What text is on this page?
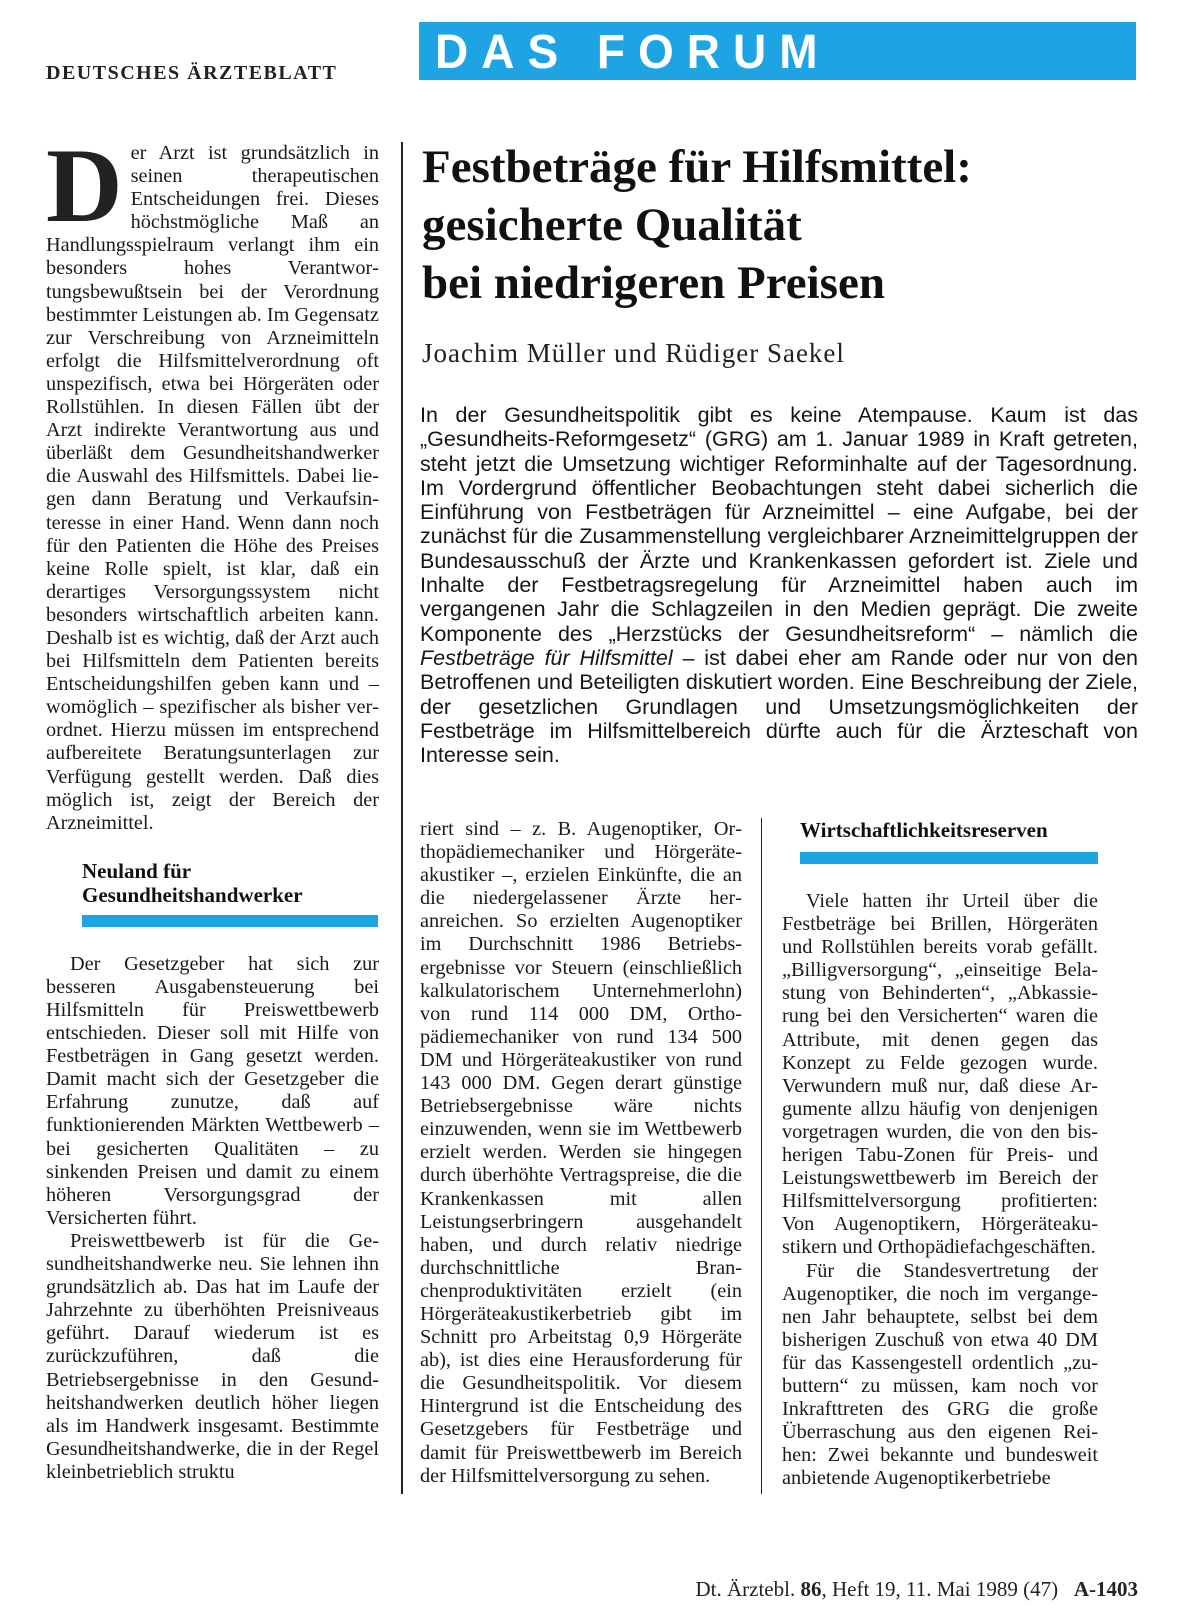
DEUTSCHES ÄRZTEBLATT DAS FORUM
Festbeträge für Hilfsmittel:
gesicherte Qualität
bei niedrigeren Preisen
Joachim Müller und Rüdiger Saekel
In der Gesundheitspolitik gibt es keine Atempause. Kaum ist das „Gesundheits-Reformgesetz“ (GRG) am 1. Januar 1989 in Kraft getreten, steht jetzt die Umsetzung wichtiger Reforminhalte auf der Tagesordnung. Im Vordergrund öffentlicher Beobachtungen steht dabei sicherlich die Einführung von Festbeträgen für Arzneimittel – eine Aufgabe, bei der zunächst für die Zusammenstellung vergleichbarer Arzneimittelgruppen der Bundesausschuß der Ärzte und Krankenkassen gefordert ist. Ziele und Inhalte der Festbetragsregelung für Arzneimittel haben auch im vergangenen Jahr die Schlagzeilen in den Medien geprägt. Die zweite Komponente des „Herzstücks der Gesundheitsreform“ – nämlich die Festbeträge für Hilfsmittel – ist dabei eher am Rande oder nur von den Betroffenen und Beteiligten diskutiert worden. Eine Beschreibung der Ziele, der gesetzlichen Grundlagen und Umsetzungsmöglichkeiten der Festbeträge im Hilfsmittelbereich dürfte auch für die Ärzteschaft von Interesse sein.

Der Arzt ist grundsätzlich in seinen therapeutischen Entscheidungen frei. Dieses höchstmögliche Maß an Handlungsspielraum verlangt ihm ein besonders hohes Verantwortungsbewußtsein bei der Verordnung bestimmter Leistungen ab. Im Gegensatz zur Verschreibung von Arzneimitteln erfolgt die Hilfsmittelverordnung oft unspezifisch, etwa bei Hörgeräten oder Rollstühlen. In diesen Fällen übt der Arzt indirekte Verantwortung aus und überläßt dem Gesundheitshandwerker die Auswahl des Hilfsmittels. Dabei liegen dann Beratung und Verkaufsinteresse in einer Hand. Wenn dann noch für den Patienten die Höhe des Preises keine Rolle spielt, ist klar, daß ein derartiges Versorgungssystem nicht besonders wirtschaftlich arbeiten kann. Deshalb ist es wichtig, daß der Arzt auch bei Hilfsmitteln dem Patienten bereits Entscheidungshilfen geben kann und – womöglich – spezifischer als bisher verordnet. Hierzu müssen im entsprechend aufbereitete Beratungsunterlagen zur Verfügung gestellt werden. Daß dies möglich ist, zeigt der Bereich der Arzneimittel.

Neuland für
Gesundheitshandwerker

Der Gesetzgeber hat sich zur besseren Ausgabensteuerung bei Hilfsmitteln für Preiswettbewerb entschieden. Dieser soll mit Hilfe von Festbeträgen in Gang gesetzt werden. Damit macht sich der Gesetzgeber die Erfahrung zunutze, daß auf funktionierenden Märkten Wettbewerb – bei gesicherten Qualitäten – zu sinkenden Preisen und damit zu einem höheren Versorgungsgrad der Versicherten führt.

Preiswettbewerb ist für die Gesundheitshandwerke neu. Sie lehnen ihn grundsätzlich ab. Das hat im Laufe der Jahrzehnte zu überhöhten Preisniveaus geführt. Darauf wiederum ist es zurückzuführen, daß die Betriebsergebnisse in den Gesundheitshandwerken deutlich höher liegen als im Handwerk insgesamt. Bestimmte Gesundheitshandwerke, die in der Regel kleinbetrieblich struktu

riert sind – z. B. Augenoptiker, Orthopädiemechaniker und Hörgeräteakustiker –, erzielen Einkünfte, die an die niedergelassener Ärzte heranreichen. So erzielten Augenoptiker im Durchschnitt 1986 Betriebsergebnisse vor Steuern (einschließlich kalkulatorischem Unternehmerlohn) von rund 114 000 DM, Orthopädiemechaniker von rund 134 500 DM und Hörgeräteakustiker von rund 143 000 DM. Gegen derart günstige Betriebsergebnisse wäre nichts einzuwenden, wenn sie im Wettbewerb erzielt werden. Werden sie hingegen durch überhöhte Vertragspreise, die die Krankenkassen mit allen Leistungserbringern ausgehandelt haben, und durch relativ niedrige durchschnittliche Branchenproduktivitäten erzielt (ein Hörgeräteakustikerbetrieb gibt im Schnitt pro Arbeitstag 0,9 Hörgeräte ab), ist dies eine Herausforderung für die Gesundheitspolitik. Vor diesem Hintergrund ist die Entscheidung des Gesetzgebers für Festbeträge und damit für Preiswettbewerb im Bereich der Hilfsmittelversorgung zu sehen.

Wirtschaftlichkeitsreserven

Viele hatten ihr Urteil über die Festbeträge bei Brillen, Hörgeräten und Rollstühlen bereits vorab gefällt. „Billigversorgung“, „einseitige Belastung von Behinderten“, „Abkassierung bei den Versicherten“ waren die Attribute, mit denen gegen das Konzept zu Felde gezogen wurde. Verwundern muß nur, daß diese Argumente allzu häufig von denjenigen vorgetragen wurden, die von den bisherigen Tabu-Zonen für Preis- und Leistungswettbewerb im Bereich der Hilfsmittelversorgung profitierten: Von Augenoptikern, Hörgeräteakustikern und Orthopädiefachgeschäften.

Für die Standesvertretung der Augenoptiker, die noch im vergangenen Jahr behauptete, selbst bei dem bisherigen Zuschuß von etwa 40 DM für das Kassengestell ordentlich „zubuttern“ zu müssen, kam noch vor Inkrafttreten des GRG die große Überraschung aus den eigenen Reihen: Zwei bekannte und bundesweit anbietende Augenoptikerbetriebe

Dt. Ärztebl. 86, Heft 19, 11. Mai 1989 (47) A-1403
